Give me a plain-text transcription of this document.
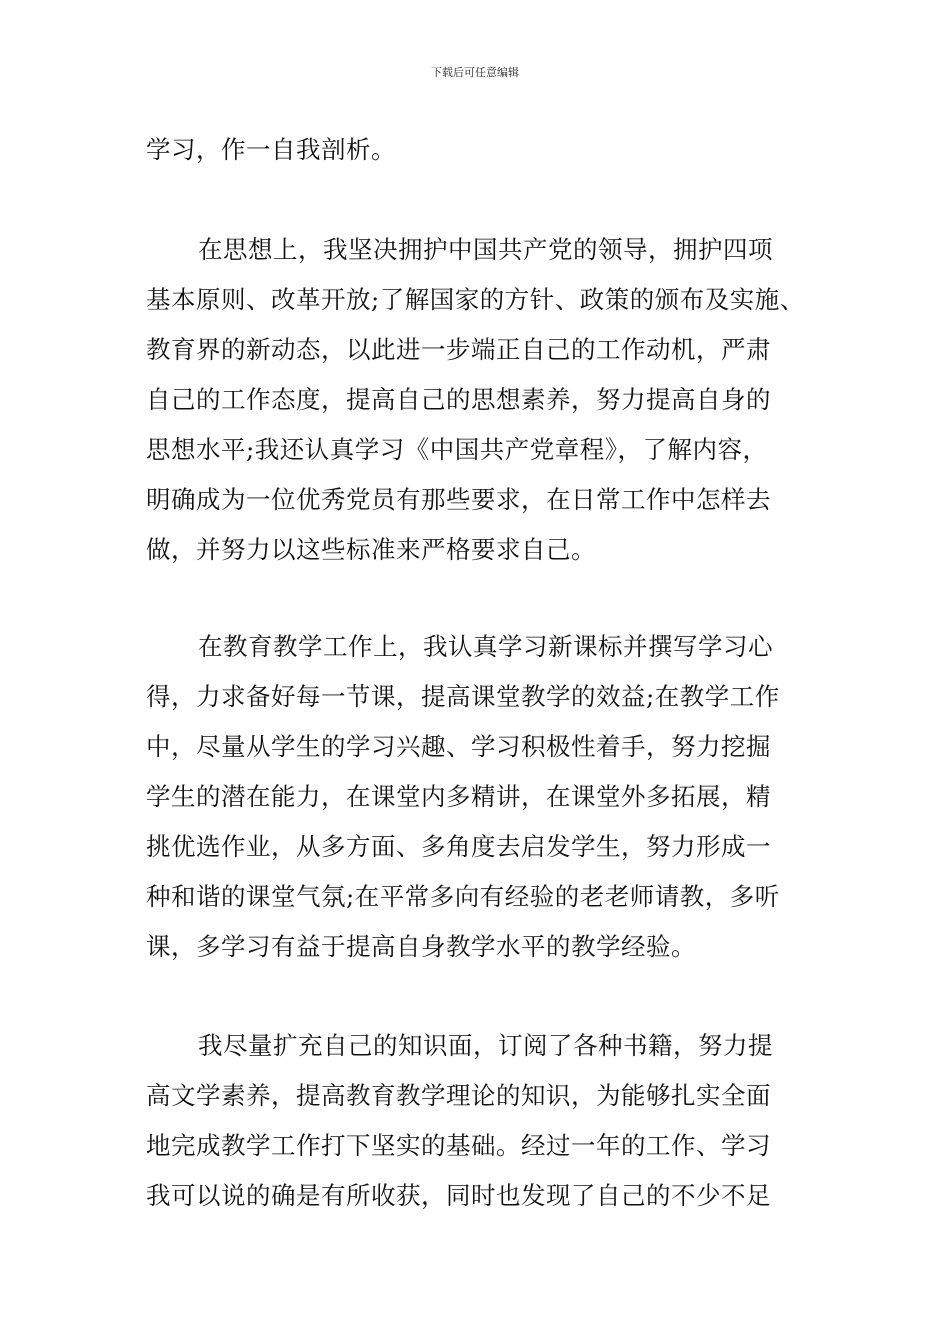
下载后可任意编辑
学习，作一自我剖析。
在思想上，我坚决拥护中国共产党的领导，拥护四项
基本原则、改革开放;了解国家的方针、政策的颁布及实施、
教育界的新动态，以此进一步端正自己的工作动机，严肃
自己的工作态度，提高自己的思想素养，努力提高自身的
思想水平;我还认真学习《中国共产党章程》，了解内容，
明确成为一位优秀党员有那些要求，在日常工作中怎样去
做，并努力以这些标准来严格要求自己。
在教育教学工作上，我认真学习新课标并撰写学习心
得，力求备好每一节课，提高课堂教学的效益;在教学工作
中，尽量从学生的学习兴趣、学习积极性着手，努力挖掘
学生的潜在能力，在课堂内多精讲，在课堂外多拓展，精
挑优选作业，从多方面、多角度去启发学生，努力形成一
种和谐的课堂气氛;在平常多向有经验的老老师请教，多听
课，多学习有益于提高自身教学水平的教学经验。
我尽量扩充自己的知识面，订阅了各种书籍，努力提
高文学素养，提高教育教学理论的知识，为能够扎实全面
地完成教学工作打下坚实的基础。经过一年的工作、学习
我可以说的确是有所收获，同时也发现了自己的不少不足
